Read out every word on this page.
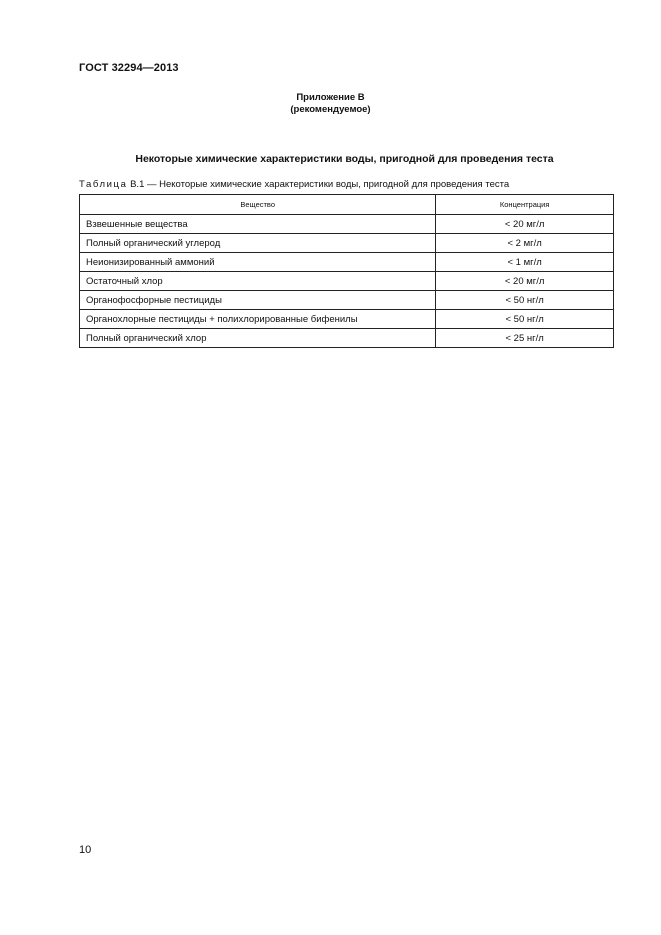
ГОСТ 32294—2013
Приложение В
(рекомендуемое)
Некоторые химические характеристики воды, пригодной для проведения теста
Таблица В.1 — Некоторые химические характеристики воды, пригодной для проведения теста
Вещество	Концентрация
Взвешенные вещества	< 20 мг/л
Полный органический углерод	< 2 мг/л
Неионизированный аммоний	< 1 мг/л
Остаточный хлор	< 20 мг/л
Органофосфорные пестициды	< 50 нг/л
Органохлорные пестициды + полихлорированные бифенилы	< 50 нг/л
Полный органический хлор	< 25 нг/л
10
